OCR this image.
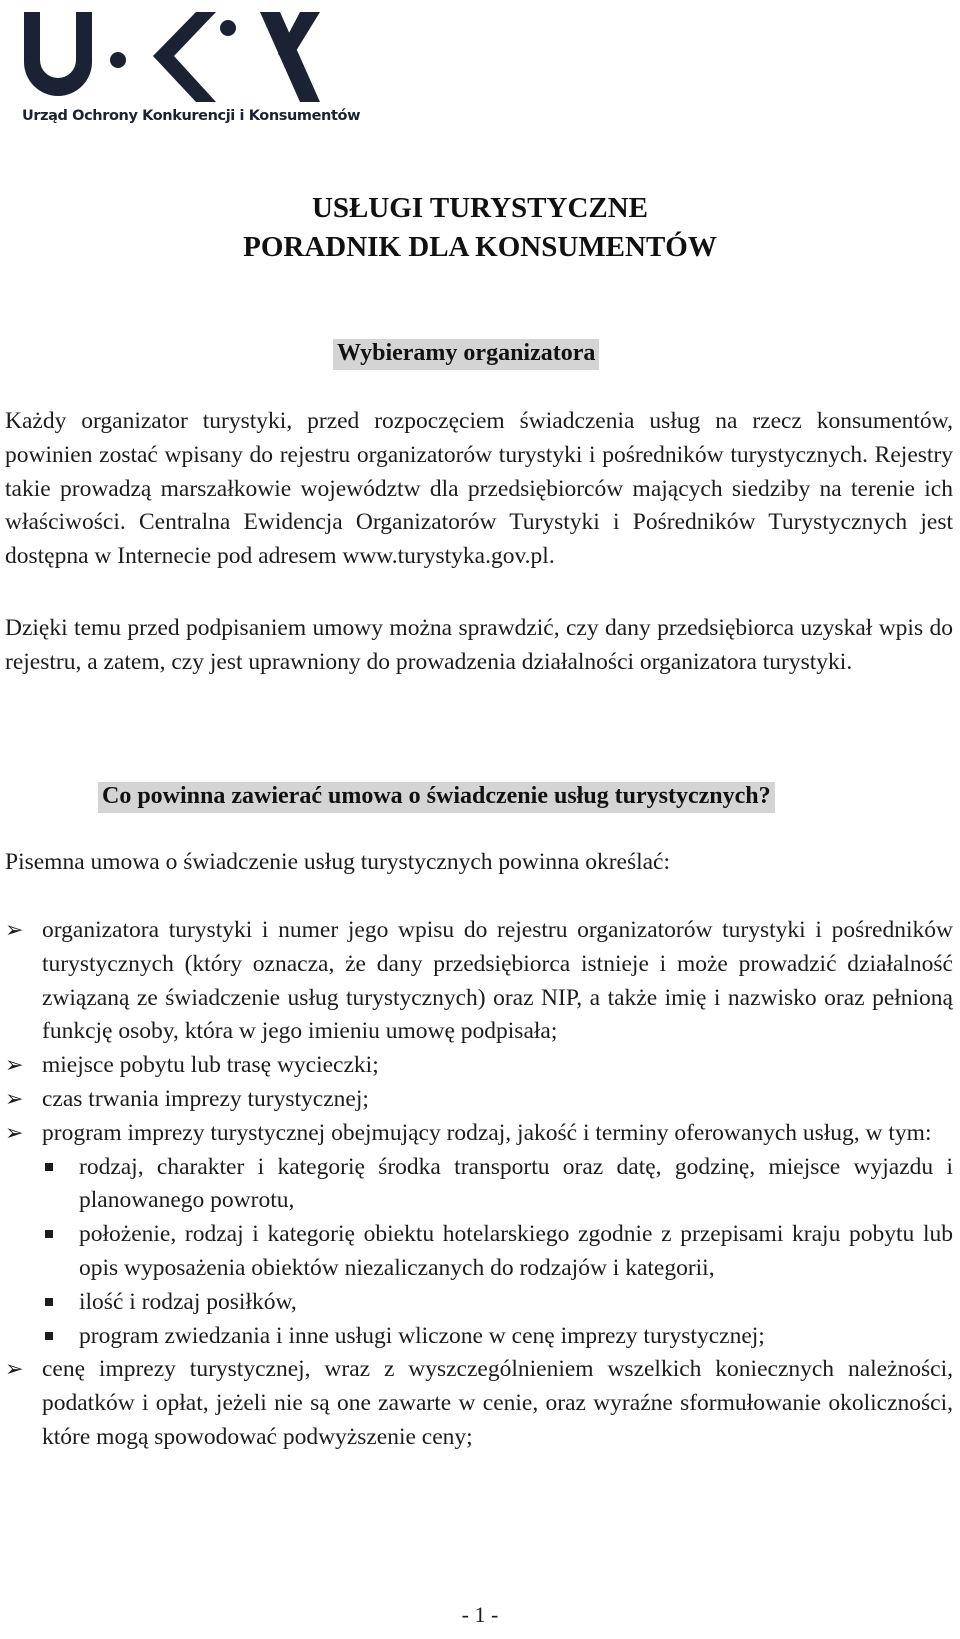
Urząd Ochrony Konkurencji i Konsumentów
USŁUGI TURYSTYCZNE
PORADNIK DLA KONSUMENTÓW
Wybieramy organizatora

Każdy organizator turystyki, przed rozpoczęciem świadczenia usług na rzecz konsumentów, powinien zostać wpisany do rejestru organizatorów turystyki i pośredników turystycznych. Rejestry takie prowadzą marszałkowie województw dla przedsiębiorców mających siedziby na terenie ich właściwości. Centralna Ewidencja Organizatorów Turystyki i Pośredników Turystycznych jest dostępna w Internecie pod adresem www.turystyka.gov.pl.

Dzięki temu przed podpisaniem umowy można sprawdzić, czy dany przedsiębiorca uzyskał wpis do rejestru, a zatem, czy jest uprawniony do prowadzenia działalności organizatora turystyki.

Co powinna zawierać umowa o świadczenie usług turystycznych?

Pisemna umowa o świadczenie usług turystycznych powinna określać:

➢ organizatora turystyki i numer jego wpisu do rejestru organizatorów turystyki i pośredników turystycznych (który oznacza, że dany przedsiębiorca istnieje i może prowadzić działalność związaną ze świadczenie usług turystycznych) oraz NIP, a także imię i nazwisko oraz pełnioną funkcję osoby, która w jego imieniu umowę podpisała;
➢ miejsce pobytu lub trasę wycieczki;
➢ czas trwania imprezy turystycznej;
➢ program imprezy turystycznej obejmujący rodzaj, jakość i terminy oferowanych usług, w tym:
rodzaj, charakter i kategorię środka transportu oraz datę, godzinę, miejsce wyjazdu i planowanego powrotu,
położenie, rodzaj i kategorię obiektu hotelarskiego zgodnie z przepisami kraju pobytu lub opis wyposażenia obiektów niezaliczanych do rodzajów i kategorii,
ilość i rodzaj posiłków,
program zwiedzania i inne usługi wliczone w cenę imprezy turystycznej;
➢ cenę imprezy turystycznej, wraz z wyszczególnieniem wszelkich koniecznych należności, podatków i opłat, jeżeli nie są one zawarte w cenie, oraz wyraźne sformułowanie okoliczności, które mogą spowodować podwyższenie ceny;
- 1 -
